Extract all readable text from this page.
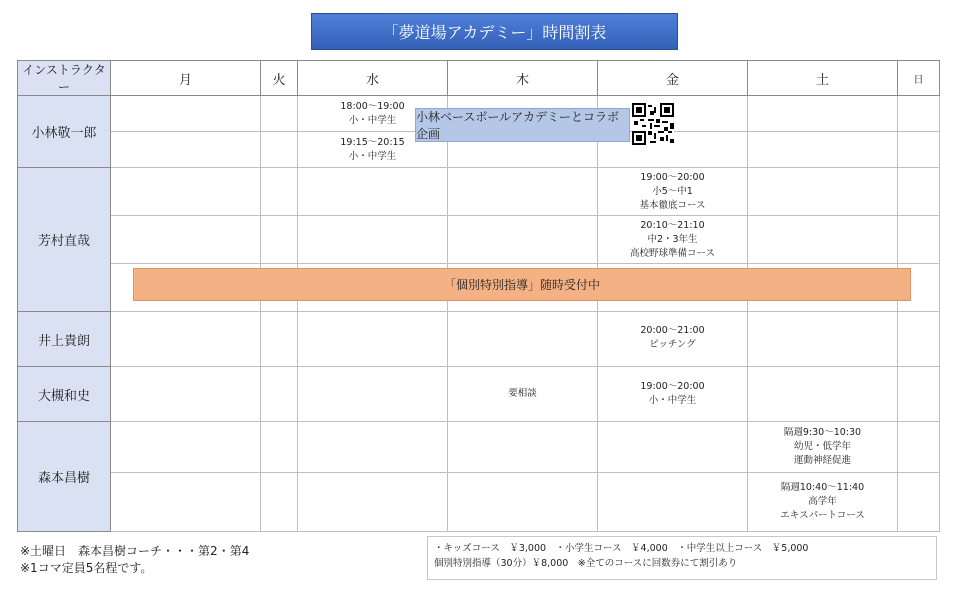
「夢道場アカデミー」時間割表
インストラクター	月	火	水	木	金	土	日
小林敬一郎			18:00～19:00
小・中学生				

			19:15～20:15
小・中学生				

芳村直哉					19:00～20:00
小5～中1
基本徹底コース		

					20:10～21:10
中2・3年生
高校野球準備コース		

井上貴朗					20:00～21:00
ピッチング		

大槻和史				要相談	19:00～20:00
小・中学生		

森本昌樹						隔週9:30～10:30
幼児・低学年
運動神経促進	

						隔週10:40～11:40
高学年
エキスパートコース	

小林ベースボールアカデミーとコラボ企画
「個別特別指導」随時受付中
※土曜日　森本昌樹コーチ・・・第2・第4
※1コマ定員5名程です。
・キッズコース　￥3,000　・小学生コース　￥4,000　・中学生以上コース　￥5,000
個別特別指導（30分）￥8,000　※全てのコースに回数券にて割引あり
